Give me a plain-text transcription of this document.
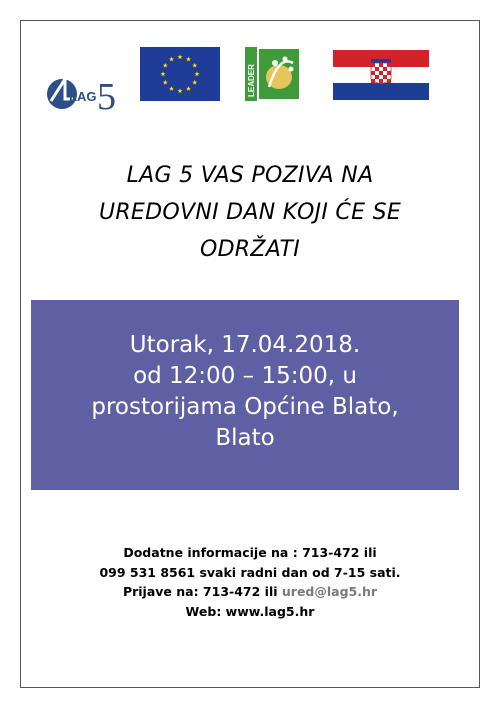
LAG 5	LEADER
LAG 5 VAS POZIVA NA
UREDOVNI DAN KOJI ĆE SE
ODRŽATI
Utorak, 17.04.2018.
od 12:00 – 15:00, u
prostorijama Općine Blato,
Blato
Dodatne informacije na : 713-472 ili
099 531 8561 svaki radni dan od 7-15 sati.
Prijave na: 713-472 ili ured@lag5.hr
Web: www.lag5.hr
